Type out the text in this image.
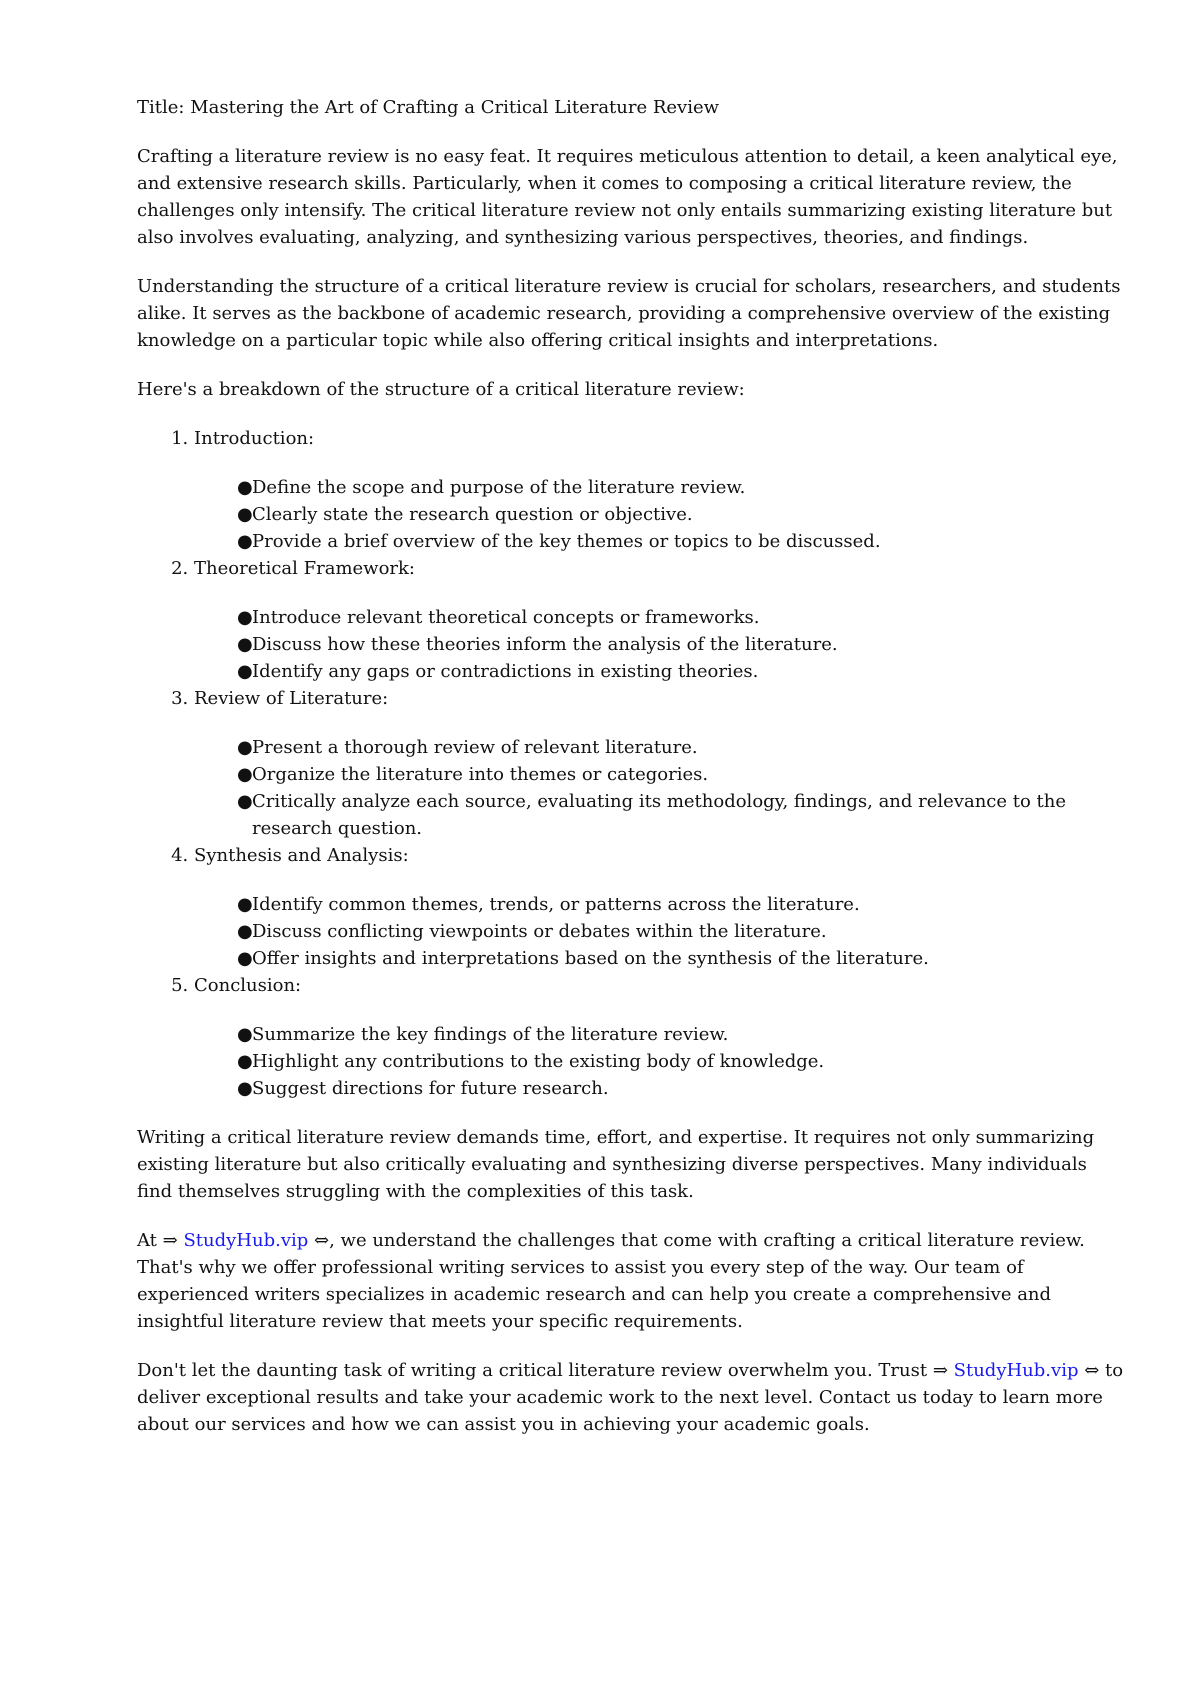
Title: Mastering the Art of Crafting a Critical Literature Review

Crafting a literature review is no easy feat. It requires meticulous attention to detail, a keen analytical eye, and extensive research skills. Particularly, when it comes to composing a critical literature review, the challenges only intensify. The critical literature review not only entails summarizing existing literature but also involves evaluating, analyzing, and synthesizing various perspectives, theories, and findings.

Understanding the structure of a critical literature review is crucial for scholars, researchers, and students alike. It serves as the backbone of academic research, providing a comprehensive overview of the existing knowledge on a particular topic while also offering critical insights and interpretations.

Here's a breakdown of the structure of a critical literature review:

1. Introduction:
● Define the scope and purpose of the literature review.
● Clearly state the research question or objective.
● Provide a brief overview of the key themes or topics to be discussed.
2. Theoretical Framework:
● Introduce relevant theoretical concepts or frameworks.
● Discuss how these theories inform the analysis of the literature.
● Identify any gaps or contradictions in existing theories.
3. Review of Literature:
● Present a thorough review of relevant literature.
● Organize the literature into themes or categories.
● Critically analyze each source, evaluating its methodology, findings, and relevance to the research question.
4. Synthesis and Analysis:
● Identify common themes, trends, or patterns across the literature.
● Discuss conflicting viewpoints or debates within the literature.
● Offer insights and interpretations based on the synthesis of the literature.
5. Conclusion:
● Summarize the key findings of the literature review.
● Highlight any contributions to the existing body of knowledge.
● Suggest directions for future research.

Writing a critical literature review demands time, effort, and expertise. It requires not only summarizing existing literature but also critically evaluating and synthesizing diverse perspectives. Many individuals find themselves struggling with the complexities of this task.

At ⇒ StudyHub.vip ⇔, we understand the challenges that come with crafting a critical literature review. That's why we offer professional writing services to assist you every step of the way. Our team of experienced writers specializes in academic research and can help you create a comprehensive and insightful literature review that meets your specific requirements.

Don't let the daunting task of writing a critical literature review overwhelm you. Trust ⇒ StudyHub.vip ⇔ to deliver exceptional results and take your academic work to the next level. Contact us today to learn more about our services and how we can assist you in achieving your academic goals.
